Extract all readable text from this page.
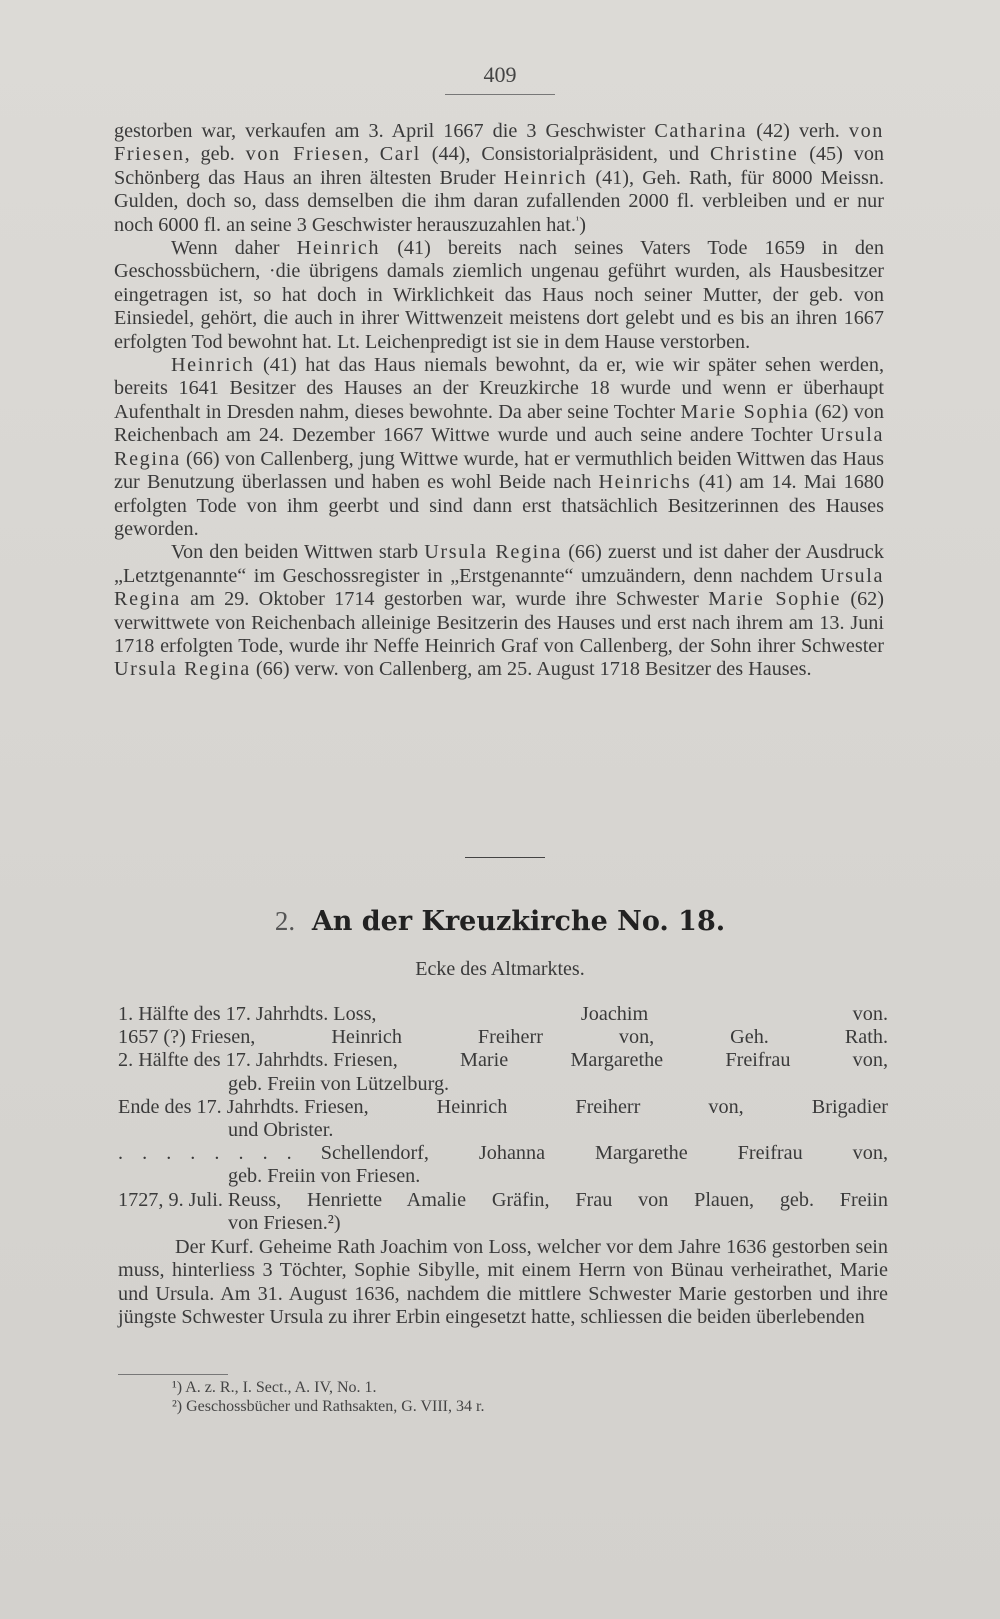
409

gestorben war, verkaufen am 3. April 1667 die 3 Geschwister Catharina (42) verh. von Friesen, geb. von Friesen, Carl (44), Consistorialpräsident, und Christine (45) von Schönberg das Haus an ihren ältesten Bruder Heinrich (41), Geh. Rath, für 8000 Meissn. Gulden, doch so, dass demselben die ihm daran zufallenden 2000 fl. verbleiben und er nur noch 6000 fl. an seine 3 Geschwister herauszuzahlen hat.$^{^1}$)

Wenn daher Heinrich (41) bereits nach seines Vaters Tode 1659 in den Geschossbüchern, ·die übrigens damals ziemlich ungenau geführt wurden, als Hausbesitzer eingetragen ist, so hat doch in Wirklichkeit das Haus noch seiner Mutter, der geb. von Einsiedel, gehört, die auch in ihrer Wittwenzeit meistens dort gelebt und es bis an ihren 1667 erfolgten Tod bewohnt hat. Lt. Leichenpredigt ist sie in dem Hause verstorben.

Heinrich (41) hat das Haus niemals bewohnt, da er, wie wir später sehen werden, bereits 1641 Besitzer des Hauses an der Kreuzkirche 18 wurde und wenn er überhaupt Aufenthalt in Dresden nahm, dieses bewohnte. Da aber seine Tochter Marie Sophia (62) von Reichenbach am 24. Dezember 1667 Wittwe wurde und auch seine andere Tochter Ursula Regina (66) von Callenberg, jung Wittwe wurde, hat er vermuthlich beiden Wittwen das Haus zur Benutzung überlassen und haben es wohl Beide nach Heinrichs (41) am 14. Mai 1680 erfolgten Tode von ihm geerbt und sind dann erst thatsächlich Besitzerinnen des Hauses geworden.

Von den beiden Wittwen starb Ursula Regina (66) zuerst und ist daher der Ausdruck „Letztgenannte“ im Geschossregister in „Erstgenannte“ umzuändern, denn nachdem Ursula Regina am 29. Oktober 1714 gestorben war, wurde ihre Schwester Marie Sophie (62) verwittwete von Reichenbach alleinige Besitzerin des Hauses und erst nach ihrem am 13. Juni 1718 erfolgten Tode, wurde ihr Neffe Heinrich Graf von Callenberg, der Sohn ihrer Schwester Ursula Regina (66) verw. von Callenberg, am 25. August 1718 Besitzer des Hauses.

2. An der Kreuzkirche No. 18.
Ecke des Altmarktes.
1. Hälfte des 17. Jahrhdts. Loss, Joachim von.
1657 (?) Friesen, Heinrich Freiherr von, Geh. Rath.
2. Hälfte des 17. Jahrhdts. Friesen, Marie Margarethe Freifrau von,
geb. Freiin von Lützelburg.
Ende des 17. Jahrhdts. Friesen, Heinrich Freiherr von, Brigadier
und Obrister.
. . . . . . . . Schellendorf, Johanna Margarethe Freifrau von,
geb. Freiin von Friesen.
1727, 9. Juli. Reuss, Henriette Amalie Gräfin, Frau von Plauen, geb. Freiin
von Friesen.²)

Der Kurf. Geheime Rath Joachim von Loss, welcher vor dem Jahre 1636 gestorben sein muss, hinterliess 3 Töchter, Sophie Sibylle, mit einem Herrn von Bünau verheirathet, Marie und Ursula. Am 31. August 1636, nachdem die mittlere Schwester Marie gestorben und ihre jüngste Schwester Ursula zu ihrer Erbin eingesetzt hatte, schliessen die beiden überlebenden

¹) A. z. R., I. Sect., A. IV, No. 1.
²) Geschossbücher und Rathsakten, G. VIII, 34 r.
